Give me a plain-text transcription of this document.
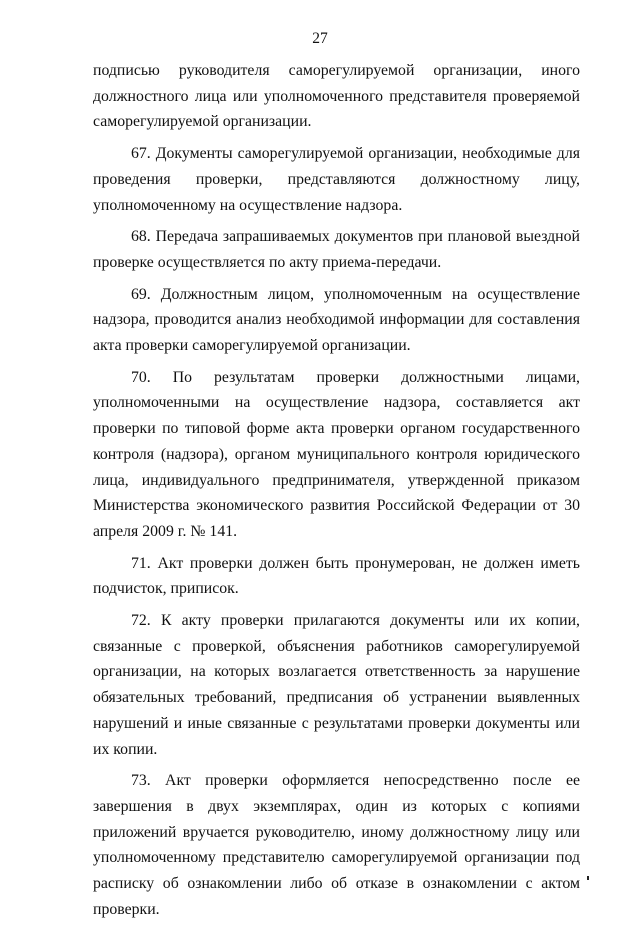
27

подписью руководителя саморегулируемой организации, иного должностного лица или уполномоченного представителя проверяемой саморегулируемой организации.

67. Документы саморегулируемой организации, необходимые для проведения проверки, представляются должностному лицу, уполномоченному на осуществление надзора.

68. Передача запрашиваемых документов при плановой выездной проверке осуществляется по акту приема-передачи.

69. Должностным лицом, уполномоченным на осуществление надзора, проводится анализ необходимой информации для составления акта проверки саморегулируемой организации.

70. По результатам проверки должностными лицами, уполномоченными на осуществление надзора, составляется акт проверки по типовой форме акта проверки органом государственного контроля (надзора), органом муниципального контроля юридического лица, индивидуального предпринимателя, утвержденной приказом Министерства экономического развития Российской Федерации от 30 апреля 2009 г. № 141.

71. Акт проверки должен быть пронумерован, не должен иметь подчисток, приписок.

72. К акту проверки прилагаются документы или их копии, связанные с проверкой, объяснения работников саморегулируемой организации, на которых возлагается ответственность за нарушение обязательных требований, предписания об устранении выявленных нарушений и иные связанные с результатами проверки документы или их копии.

73. Акт проверки оформляется непосредственно после ее завершения в двух экземплярах, один из которых с копиями приложений вручается руководителю, иному должностному лицу или уполномоченному представителю саморегулируемой организации под расписку об ознакомлении либо об отказе в ознакомлении с актом проверки.
